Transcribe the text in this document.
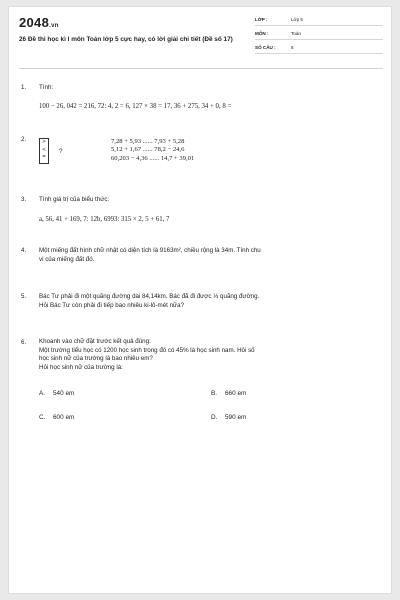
2048.vn
26 Đề thi học kì I môn Toán lớp 5 cực hay, có lời giải chi tiết (Đề số 17)
LỚP :	Lớp 5
MÔN :	Toán
SỐ CÂU :	6
1.	Tính:
100 − 26, 042 = 216, 72: 4, 2 = 6, 127 × 38 = 17, 36 + 275, 34 + 0, 8 =
2.	>
<
=
?
7,28 + 5,93 ...... 7,93 + 5,28
5,12 + 1,67 ...... 78,2 − 24,6
60,203 − 4,36 ...... 14,7 + 39,01
3.	Tính giá trị của biểu thức:
a, 56, 41 + 169, 7: 12b, 6993: 315 × 2, 5 + 61, 7
4.	Một miếng đất hình chữ nhật có diện tích là 9163m², chiều rộng là 34m. Tính chu
vi của miếng đất đó.
5.	Bác Tư phải đi một quãng đường dài 84,14km. Bác đã đi được ⅓ quãng đường.
Hỏi Bác Tư còn phải đi tiếp bao nhiêu ki-lô-mét nữa?
6.	Khoanh vào chữ đặt trước kết quả đúng:
Một trường tiểu học có 1200 học sinh trong đó có 45% là học sinh nam. Hỏi số
học sinh nữ của trường là bao nhiêu em?
Hỏi học sinh nữ của trường là:
A. 540 em	B. 660 em
C. 600 em	D. 590 em
